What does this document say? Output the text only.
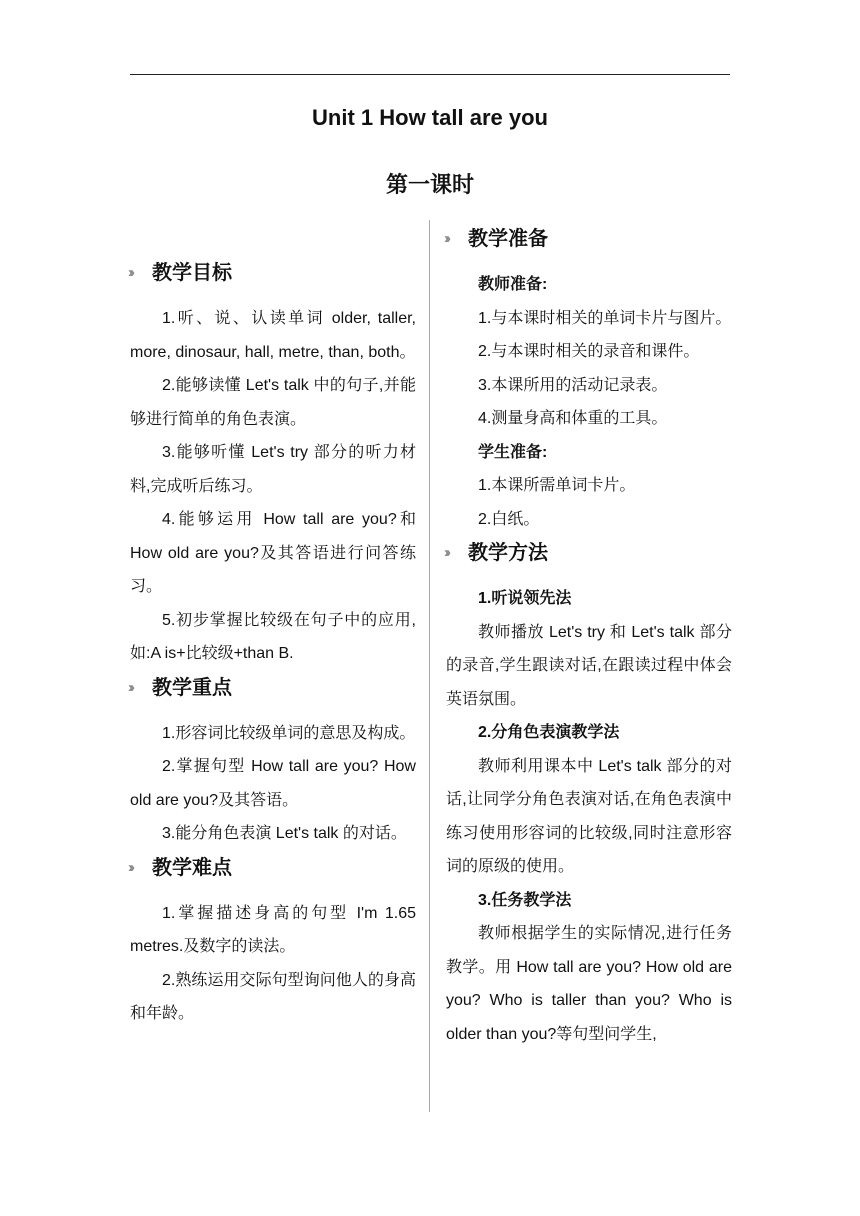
Unit 1 How tall are you
第一课时
教学目标

1.听、说、认读单词 older, taller, more, dinosaur, hall, metre, than, both。

2.能够读懂 Let's talk 中的句子,并能够进行简单的角色表演。

3.能够听懂 Let's try 部分的听力材料,完成听后练习。

4.能够运用 How tall are you?和 How old are you?及其答语进行问答练习。

5.初步掌握比较级在句子中的应用,如:A is+比较级+than B.

教学重点

1.形容词比较级单词的意思及构成。

2.掌握句型 How tall are you? How old are you?及其答语。

3.能分角色表演 Let's talk 的对话。

教学难点

1.掌握描述身高的句型 I'm 1.65 metres.及数字的读法。

2.熟练运用交际句型询问他人的身高和年龄。

教学准备

教师准备:

1.与本课时相关的单词卡片与图片。

2.与本课时相关的录音和课件。

3.本课所用的活动记录表。

4.测量身高和体重的工具。

学生准备:

1.本课所需单词卡片。

2.白纸。

教学方法

1.听说领先法

教师播放 Let's try 和 Let's talk 部分的录音,学生跟读对话,在跟读过程中体会英语氛围。

2.分角色表演教学法

教师利用课本中 Let's talk 部分的对话,让同学分角色表演对话,在角色表演中练习使用形容词的比较级,同时注意形容词的原级的使用。

3.任务教学法

教师根据学生的实际情况,进行任务教学。用 How tall are you? How old are you? Who is taller than you? Who is older than you?等句型问学生,
